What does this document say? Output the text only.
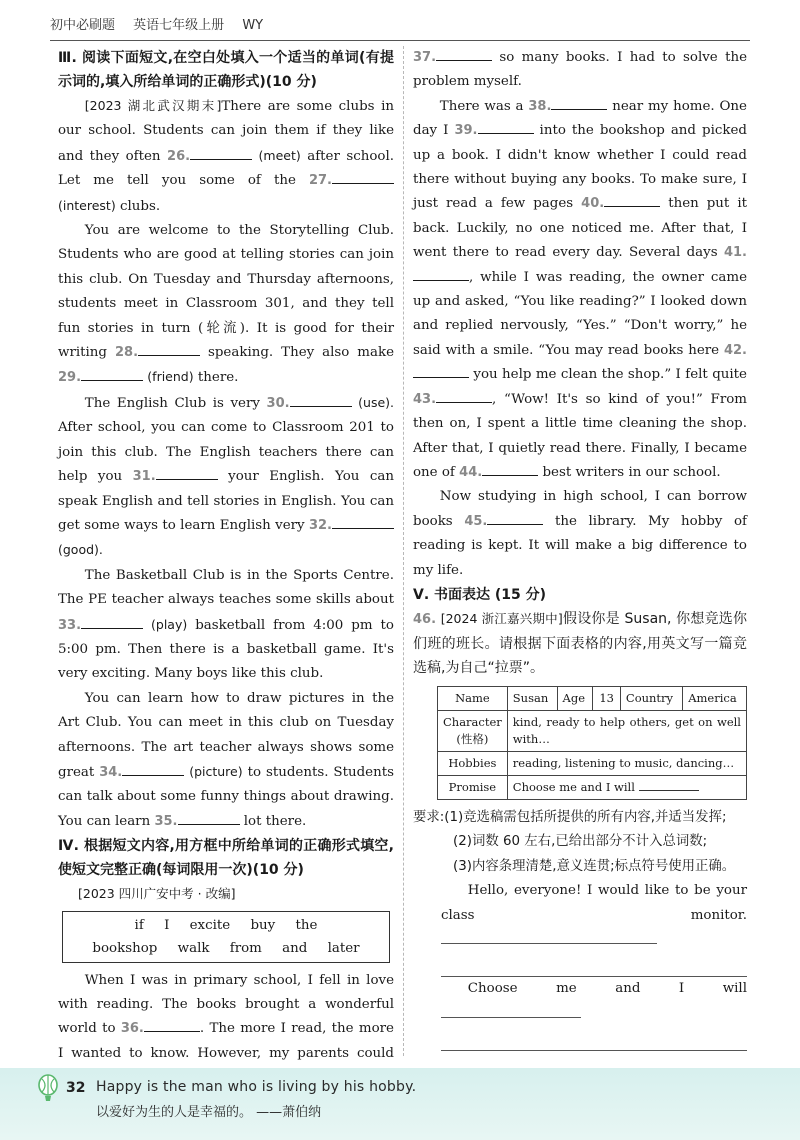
初中必刷题 英语七年级上册 WY
Ⅲ. 阅读下面短文,在空白处填入一个适当的单词(有提示词的,填入所给单词的正确形式)(10 分)
[2023 湖北武汉期末]There are some clubs in our school. Students can join them if they like and they often 26.	(meet) after school. Let me tell you some of the 27. (interest) clubs.
You are welcome to the Storytelling Club. Students who are good at telling stories can join this club. On Tuesday and Thursday afternoons, students meet in Classroom 301, and they tell fun stories in turn (轮流). It is good for their writing 28.	speaking. They also make 29.	(friend) there.
The English Club is very 30.	(use). After school, you can come to Classroom 201 to join this club. The English teachers there can help you 31.	your English. You can speak English and tell stories in English. You can get some ways to learn English very 32. (good).
The Basketball Club is in the Sports Centre. The PE teacher always teaches some skills about 33.	(play) basketball from 4:00 pm to 5:00 pm. Then there is a basketball game. It's very exciting. Many boys like this club.
You can learn how to draw pictures in the Art Club. You can meet in this club on Tuesday afternoons. The art teacher always shows some great 34.	(picture) to students. Students can talk about some funny things about drawing. You can learn 35.	lot there.
Ⅳ. 根据短文内容,用方框中所给单词的正确形式填空,使短文完整正确(每词限用一次)(10 分)
[2023 四川广安中考 · 改编]
if I excite buy the
bookshop walk from and later
When I was in primary school, I fell in love with reading. The books brought a wonderful world to 36.	. The more I read, the more I wanted to know. However, my parents could
37.	so many books. I had to solve the problem myself.
There was a 38.	near my home. One day I 39.	into the bookshop and picked up a book. I didn't know whether I could read there without buying any books. To make sure, I just read a few pages 40.	then put it back. Luckily, no one noticed me. After that, I went there to read every day. Several days 41., while I was reading, the owner came up and asked, “You like reading?” I looked down and replied nervously, “Yes.” “Don't worry,” he said with a smile. “You may read books here 42. you help me clean the shop.” I felt quite 43.	, “Wow! It's so kind of you!” From then on, I spent a little time cleaning the shop. After that, I quietly read there. Finally, I became one of 44.	best writers in our school.
Now studying in high school, I can borrow books 45.	the library. My hobby of reading is kept. It will make a big difference to my life.
Ⅴ. 书面表达 (15 分)
46. [2024 浙江嘉兴期中]假设你是 Susan, 你想竞选你们班的班长。请根据下面表格的内容,用英文写一篇竞选稿,为自己“拉票”。
Name	Susan	Age	13	Country	America

Character
(性格)	kind, ready to help others, get on well with…				
Hobbies	reading, listening to music, dancing…				
Promise	Choose me and I will				
要求:(1)竞选稿需包括所提供的所有内容,并适当发挥;
(2)词数 60 左右,已给出部分不计入总词数;
(3)内容条理清楚,意义连贯;标点符号使用正确。
Hello, everyone! I would like to be your class monitor.
Choose me and I will
32 Happy is the man who is living by his hobby.
以爱好为生的人是幸福的。 ——萧伯纳
